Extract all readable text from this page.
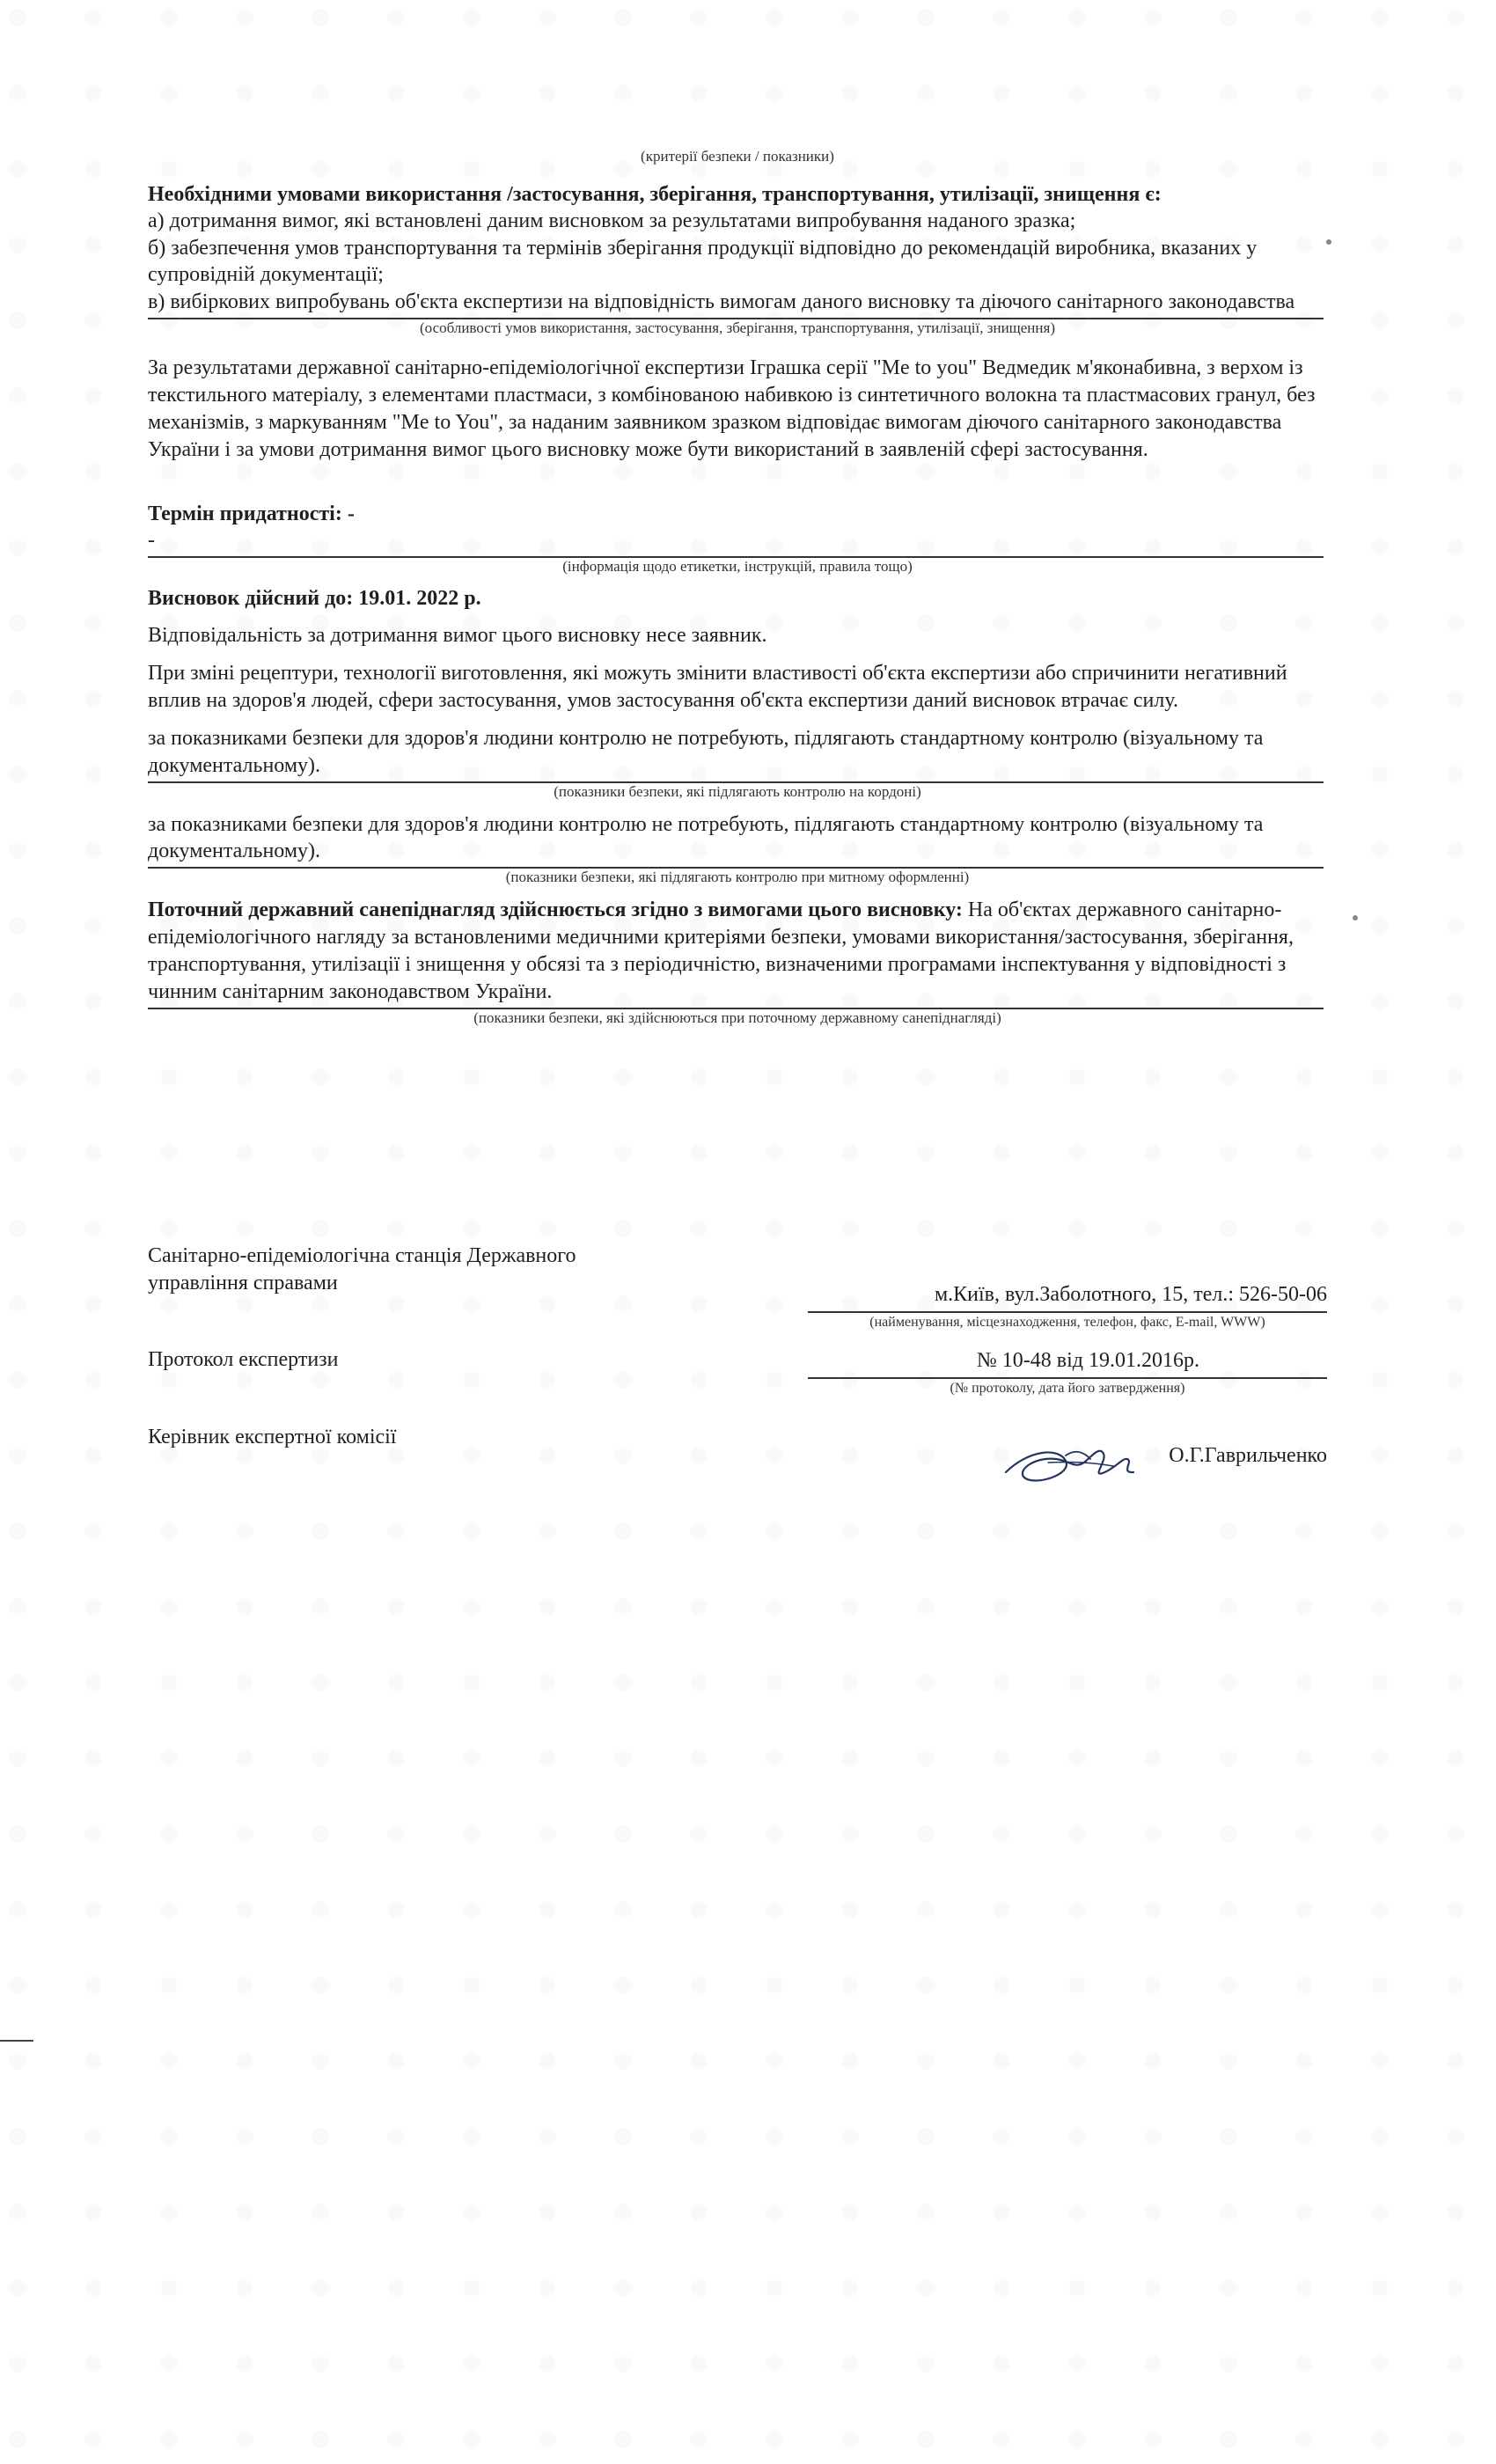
(критерії безпеки / показники)
Необхідними умовами використання /застосування, зберігання, транспортування, утилізації, знищення є:
а) дотримання вимог, які встановлені даним висновком за результатами випробування наданого зразка;
б) забезпечення умов транспортування та термінів зберігання продукції відповідно до рекомендацій виробника, вказаних у супровідній документації;
в) вибіркових випробувань об'єкта експертизи на відповідність вимогам даного висновку та діючого санітарного законодавства
(особливості умов використання, застосування, зберігання, транспортування, утилізації, знищення)
За результатами державної санітарно-епідеміологічної експертизи Іграшка серії "Me to you" Ведмедик м'яконабивна, з верхом із текстильного матеріалу, з елементами пластмаси, з комбінованою набивкою із синтетичного волокна та пластмасових гранул, без механізмів, з маркуванням "Me to You", за наданим заявником зразком відповідає вимогам діючого санітарного законодавства України і за умови дотримання вимог цього висновку може бути використаний в заявленій сфері застосування.
Термін придатності: -
-
(інформація щодо етикетки, інструкцій, правила тощо)
Висновок дійсний до: 19.01. 2022 р.
Відповідальність за дотримання вимог цього висновку несе заявник.
При зміні рецептури, технології виготовлення, які можуть змінити властивості об'єкта експертизи або спричинити негативний вплив на здоров'я людей, сфери застосування, умов застосування об'єкта експертизи даний висновок втрачає силу.
за показниками безпеки для здоров'я людини контролю не потребують, підлягають стандартному контролю (візуальному та документальному).
(показники безпеки, які підлягають контролю на кордоні)
за показниками безпеки для здоров'я людини контролю не потребують, підлягають стандартному контролю (візуальному та документальному).
(показники безпеки, які підлягають контролю при митному оформленні)
Поточний державний санепіднагляд здійснюється згідно з вимогами цього висновку: На об'єктах державного санітарно-епідеміологічного нагляду за встановленими медичними критеріями безпеки, умовами використання/застосування, зберігання, транспортування, утилізації і знищення у обсязі та з періодичністю, визначеними програмами інспектування у відповідності з чинним санітарним законодавством України.
(показники безпеки, які здійснюються при поточному державному санепіднагляді)
Санітарно-епідеміологічна станція Державного управління справами	м.Київ, вул.Заболотного, 15, тел.: 526-50-06
(найменування, місцезнаходження, телефон, факс, E-mail, WWW)
Протокол експертизи	№ 10-48 від 19.01.2016р.
(№ протоколу, дата його затвердження)
Керівник експертної комісії
О.Г.Гаврильченко
